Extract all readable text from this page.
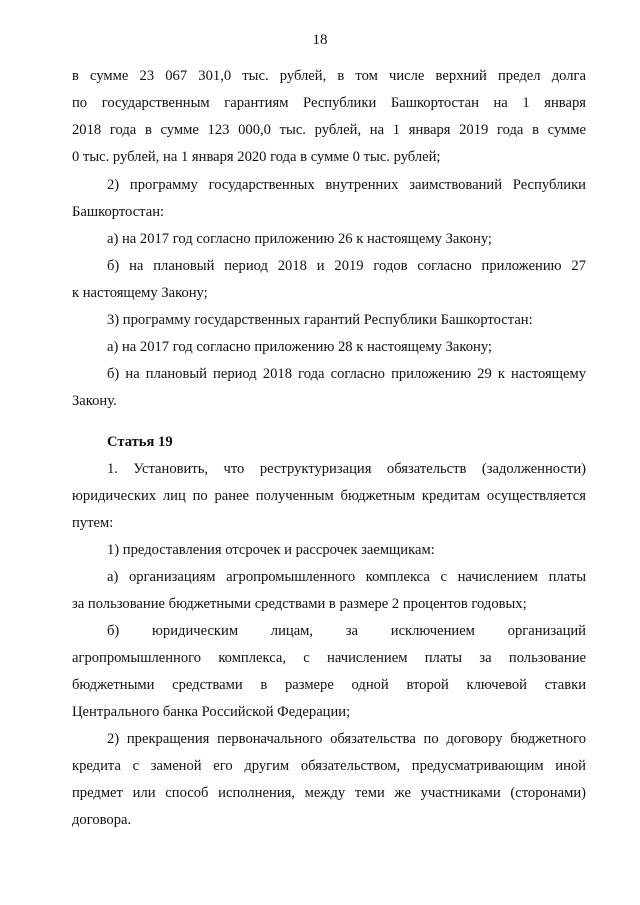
18
в сумме 23 067 301,0 тыс. рублей, в том числе верхний предел долга
по государственным гарантиям Республики Башкортостан на 1 января
2018 года в сумме 123 000,0 тыс. рублей, на 1 января 2019 года в сумме
0 тыс. рублей, на 1 января 2020 года в сумме 0 тыс. рублей;
2) программу государственных внутренних заимствований Республики
Башкортостан:
а) на 2017 год согласно приложению 26 к настоящему Закону;
б) на плановый период 2018 и 2019 годов согласно приложению 27
к настоящему Закону;
3) программу государственных гарантий Республики Башкортостан:
а) на 2017 год согласно приложению 28 к настоящему Закону;
б) на плановый период 2018 года согласно приложению 29 к настоящему
Закону.
Статья 19
1. Установить, что реструктуризация обязательств (задолженности)
юридических лиц по ранее полученным бюджетным кредитам осуществляется
путем:
1) предоставления отсрочек и рассрочек заемщикам:
а) организациям агропромышленного комплекса с начислением платы
за пользование бюджетными средствами в размере 2 процентов годовых;
б) юридическим лицам, за исключением организаций
агропромышленного комплекса, с начислением платы за пользование
бюджетными средствами в размере одной второй ключевой ставки
Центрального банка Российской Федерации;
2) прекращения первоначального обязательства по договору бюджетного
кредита с заменой его другим обязательством, предусматривающим иной
предмет или способ исполнения, между теми же участниками (сторонами)
договора.
